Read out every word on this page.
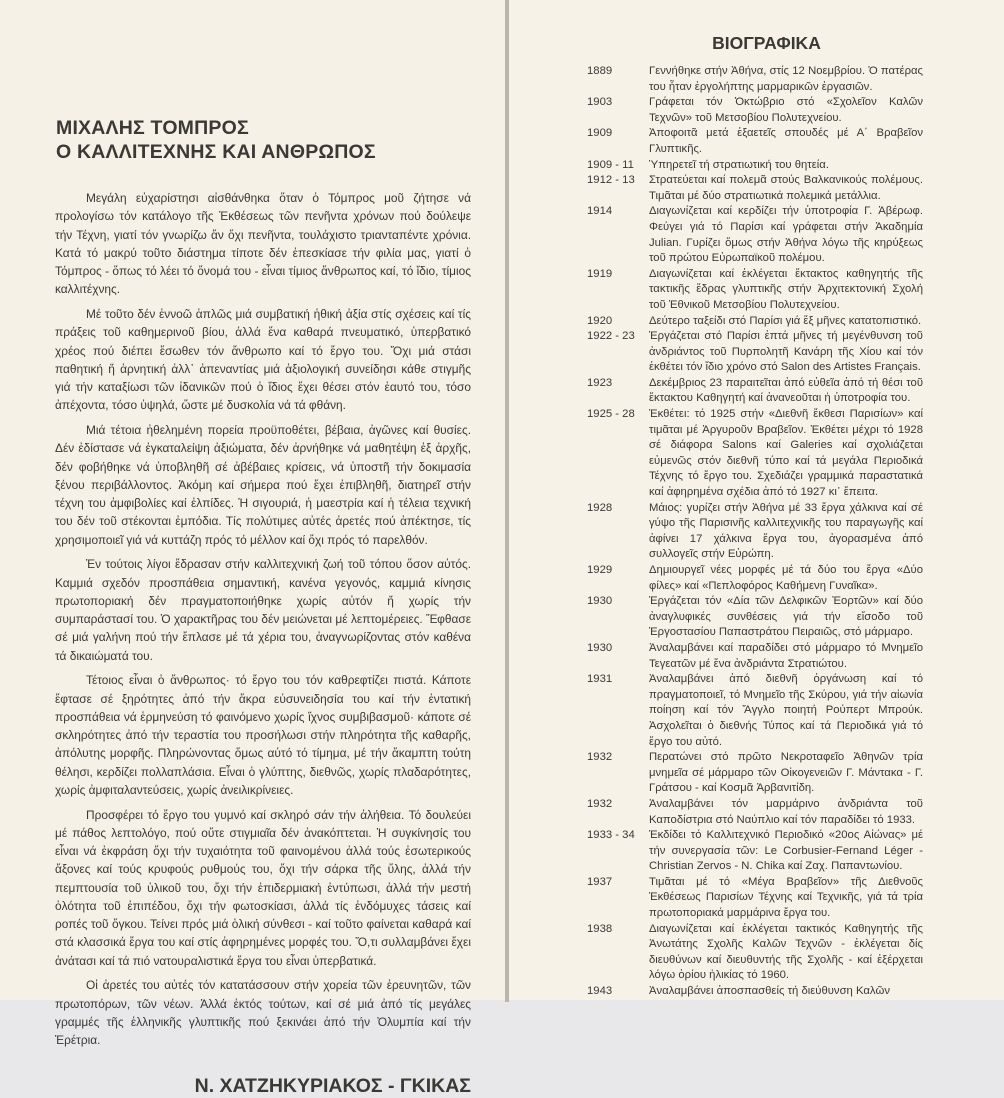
ΜΙΧΑΛΗΣ ΤΟΜΠΡΟΣ
Ο ΚΑΛΛΙΤΕΧΝΗΣ ΚΑΙ ΑΝΘΡΩΠΟΣ

Μεγάλη εὐχαρίστησι αἰσθάνθηκα ὅταν ὁ Τόμπρος μοῦ ζήτησε νά προλογίσω τόν κατάλογο τῆς Ἐκθέσεως τῶν πενῆντα χρόνων πού δούλεψε τήν Τέχνη, γιατί τόν γνωρίζω ἄν ὄχι πενῆντα, τουλάχιστο τριανταπέντε χρόνια. Κατά τό μακρύ τοῦτο διάστημα τίποτε δέν ἐπεσκίασε τήν φιλία μας, γιατί ὁ Τόμπρος - ὅπως τό λέει τό ὄνομά του - εἶναι τίμιος ἄνθρωπος καί, τό ἴδιο, τίμιος καλλιτέχνης.

Μέ τοῦτο δέν ἐννοῶ ἁπλῶς μιά συμβατική ἠθική ἀξία στίς σχέσεις καί τίς πράξεις τοῦ καθημερινοῦ βίου, ἀλλά ἕνα καθαρά πνευματικό, ὑπερβατικό χρέος πού διέπει ἔσωθεν τόν ἄνθρωπο καί τό ἔργο του. Ὄχι μιά στάσι παθητική ἤ ἀρνητική ἀλλ᾽ ἀπεναντίας μιά ἀξιολογική συνείδησι κάθε στιγμῆς γιά τήν καταξίωσι τῶν ἰδανικῶν πού ὁ ἴδιος ἔχει θέσει στόν ἑαυτό του, τόσο ἀπέχοντα, τόσο ὑψηλά, ὥστε μέ δυσκολία νά τά φθάνη.

Μιά τέτοια ἠθελημένη πορεία προϋποθέτει, βέβαια, ἀγῶνες καί θυσίες. Δέν ἐδίστασε νά ἐγκαταλείψη ἀξιώματα, δέν ἀρνήθηκε νά μαθητέψη ἐξ ἀρχῆς, δέν φοβήθηκε νά ὑποβληθῆ σέ ἀβέβαιες κρίσεις, νά ὑποστῆ τήν δοκιμασία ξένου περιβάλλοντος. Ἀκόμη καί σήμερα πού ἔχει ἐπιβληθῆ, διατηρεῖ στήν τέχνη του ἀμφιβολίες καί ἐλπίδες. Ἡ σιγουριά, ἡ μαεστρία καί ἡ τέλεια τεχνική του δέν τοῦ στέκονται ἐμπόδια. Τίς πολύτιμες αὐτές ἀρετές πού ἀπέκτησε, τίς χρησιμοποιεῖ γιά νά κυττάζη πρός τό μέλλον καί ὄχι πρός τό παρελθόν.

Ἐν τούτοις λίγοι ἔδρασαν στήν καλλιτεχνική ζωή τοῦ τόπου ὅσον αὐτός. Καμμιά σχεδόν προσπάθεια σημαντική, κανένα γεγονός, καμμιά κίνησις πρωτοποριακή δέν πραγματοποιήθηκε χωρίς αὐτόν ἤ χωρίς τήν συμπαράστασί του. Ὁ χαρακτῆρας του δέν μειώνεται μέ λεπτομέρειες. Ἔφθασε σέ μιά γαλήνη πού τήν ἔπλασε μέ τά χέρια του, ἀναγνωρίζοντας στόν καθένα τά δικαιώματά του.

Τέτοιος εἶναι ὁ ἄνθρωπος· τό ἔργο του τόν καθρεφτίζει πιστά. Κάποτε ἔφτασε σέ ξηρότητες ἀπό τήν ἄκρα εὐσυνειδησία του καί τήν ἐντατική προσπάθεια νά ἑρμηνεύση τό φαινόμενο χωρίς ἴχνος συμβιβασμοῦ· κάποτε σέ σκληρότητες ἀπό τήν τεραστία του προσήλωσι στήν πληρότητα τῆς καθαρῆς, ἀπόλυτης μορφῆς. Πληρώνοντας ὅμως αὐτό τό τίμημα, μέ τήν ἄκαμπτη τούτη θέλησι, κερδίζει πολλαπλάσια. Εἶναι ὁ γλύπτης, διεθνῶς, χωρίς πλαδαρότητες, χωρίς ἀμφιταλαντεύσεις, χωρίς ἀνειλικρίνειες.

Προσφέρει τό ἔργο του γυμνό καί σκληρό σάν τήν ἀλήθεια. Τό δουλεύει μέ πάθος λεπτολόγο, πού οὔτε στιγμιαῖα δέν ἀνακόπτεται. Ἡ συγκίνησίς του εἶναι νά ἐκφράση ὄχι τήν τυχαιότητα τοῦ φαινομένου ἀλλά τούς ἐσωτερικούς ἄξονες καί τούς κρυφούς ρυθμούς του, ὄχι τήν σάρκα τῆς ὕλης, ἀλλά τήν πεμπτουσία τοῦ ὑλικοῦ του, ὄχι τήν ἐπιδερμιακή ἐντύπωσι, ἀλλά τήν μεστή ὁλότητα τοῦ ἐπιπέδου, ὄχι τήν φωτοσκίασι, ἀλλά τίς ἐνδόμυχες τάσεις καί ροπές τοῦ ὄγκου. Τείνει πρός μιά ὁλική σύνθεσι - καί τοῦτο φαίνεται καθαρά καί στά κλασσικά ἔργα του καί στίς ἀφηρημένες μορφές του. Ὅ,τι συλλαμβάνει ἔχει ἀνάτασι καί τά πιό νατουραλιστικά ἔργα του εἶναι ὑπερβατικά.

Οἱ ἀρετές του αὐτές τόν κατατάσσουν στήν χορεία τῶν ἐρευνητῶν, τῶν πρωτοπόρων, τῶν νέων. Ἀλλά ἐκτός τούτων, καί σέ μιά ἀπό τίς μεγάλες γραμμές τῆς ἑλληνικῆς γλυπτικῆς πού ξεκινάει ἀπό τήν Ὀλυμπία καί τήν Ἐρέτρια.

Ν. ΧΑΤΖΗΚΥΡΙΑΚΟΣ - ΓΚΙΚΑΣ
ΒΙΟΓΡΑΦΙΚΑ
1889	Γεννήθηκε στήν Ἀθήνα, στίς 12 Νοεμβρίου. Ὁ πατέρας του ἦταν ἐργολήπτης μαρμαρικῶν ἐργασιῶν.
1903	Γράφεται τόν Ὀκτώβριο στό «Σχολεῖον Καλῶν Τεχνῶν» τοῦ Μετσοβίου Πολυτεχνείου.
1909	Ἀποφοιτᾶ μετά ἑξαετεῖς σπουδές μέ Α΄ Βραβεῖον Γλυπτικῆς.
1909 - 11	Ὑπηρετεῖ τή στρατιωτική του θητεία.
1912 - 13	Στρατεύεται καί πολεμᾶ στούς Βαλκανικούς πολέμους. Τιμᾶται μέ δύο στρατιωτικά πολεμικά μετάλλια.
1914	Διαγωνίζεται καί κερδίζει τήν ὑποτροφία Γ. Ἀβέρωφ. Φεύγει γιά τό Παρίσι καί γράφεται στήν Ἀκαδημία Julian. Γυρίζει ὅμως στήν Ἀθήνα λόγω τῆς κηρύξεως τοῦ πρώτου Εὐρωπαϊκοῦ πολέμου.
1919	Διαγωνίζεται καί ἐκλέγεται ἔκτακτος καθηγητής τῆς τακτικῆς ἕδρας γλυπτικῆς στήν Ἀρχιτεκτονική Σχολή τοῦ Ἐθνικοῦ Μετσοβίου Πολυτεχνείου.
1920	Δεύτερο ταξείδι στό Παρίσι γιά ἕξ μῆνες κατατοπιστικό.
1922 - 23	Ἐργάζεται στό Παρίσι ἑπτά μῆνες τή μεγένθυνση τοῦ ἀνδριάντος τοῦ Πυρπολητῆ Κανάρη τῆς Χίου καί τόν ἐκθέτει τόν ἴδιο χρόνο στό Salon des Artistes Français.
1923	Δεκέμβριος 23 παραιτεῖται ἀπό εὐθεῖα ἀπό τή θέσι τοῦ ἔκτακτου Καθηγητή καί ἀνανεοῦται ἡ ὑποτροφία του.
1925 - 28	Ἐκθέτει: τό 1925 στήν «Διεθνῆ ἔκθεσι Παρισίων» καί τιμᾶται μέ Ἀργυροῦν Βραβεῖον. Ἐκθέτει μέχρι τό 1928 σέ διάφορα Salons καί Galeries καί σχολιάζεται εὐμενῶς στόν διεθνῆ τύπο καί τά μεγάλα Περιοδικά Τέχνης τό ἔργο του. Σχεδιάζει γραμμικά παραστατικά καί ἀφηρημένα σχέδια ἀπό τό 1927 κι᾽ ἔπειτα.
1928	Μάιος: γυρίζει στήν Ἀθήνα μέ 33 ἔργα χάλκινα καί σέ γύψο τῆς Παρισινῆς καλλιτεχνικῆς του παραγωγῆς καί ἀφίνει 17 χάλκινα ἔργα του, ἀγορασμένα ἀπό συλλογεῖς στήν Εὐρώπη.
1929	Δημιουργεῖ νέες μορφές μέ τά δύο του ἔργα «Δύο φίλες» καί «Πεπλοφόρος Καθήμενη Γυναῖκα».
1930	Ἐργάζεται τόν «Δία τῶν Δελφικῶν Ἑορτῶν» καί δύο ἀναγλυφικές συνθέσεις γιά τήν εἴσοδο τοῦ Ἐργοστασίου Παπαστράτου Πειραιῶς, στό μάρμαρο.
1930	Ἀναλαμβάνει καί παραδίδει στό μάρμαρο τό Μνημεῖο Τεγεατῶν μέ ἕνα ἀνδριάντα Στρατιώτου.
1931	Ἀναλαμβάνει ἀπό διεθνῆ ὀργάνωση καί τό πραγματοποιεῖ, τό Μνημεῖο τῆς Σκύρου, γιά τήν αἰωνία ποίηση καί τόν Ἄγγλο ποιητή Ρούπερτ Μπρούκ. Ἀσχολεῖται ὁ διεθνής Τύπος καί τά Περιοδικά γιά τό ἔργο του αὐτό.
1932	Περατώνει στό πρῶτο Νεκροταφεῖο Ἀθηνῶν τρία μνημεῖα σέ μάρμαρο τῶν Οἰκογενειῶν Γ. Μάντακα - Γ. Γράτσου - καί Κοσμᾶ Ἀρβανιτίδη.
1932	Ἀναλαμβάνει τόν μαρμάρινο ἀνδριάντα τοῦ Καποδίστρια στό Ναύπλιο καί τόν παραδίδει τό 1933.
1933 - 34	Ἐκδίδει τό Καλλιτεχνικό Περιοδικό «20ος Αἰώνας» μέ τήν συνεργασία τῶν: Le Corbusier-Fernand Léger - Christian Zervos - N. Chika καί Ζαχ. Παπαντωνίου.
1937	Τιμᾶται μέ τό «Μέγα Βραβεῖον» τῆς Διεθνοῦς Ἐκθέσεως Παρισίων Τέχνης καί Τεχνικῆς, γιά τά τρία πρωτοποριακά μαρμάρινα ἔργα του.
1938	Διαγωνίζεται καί ἐκλέγεται τακτικός Καθηγητής τῆς Ἀνωτάτης Σχολῆς Καλῶν Τεχνῶν - ἐκλέγεται δίς διευθύνων καί διευθυντής τῆς Σχολῆς - καί ἐξέρχεται λόγω ὁρίου ἡλικίας τό 1960.
1943	Ἀναλαμβάνει ἀποσπασθείς τή διεύθυνση Καλῶν
